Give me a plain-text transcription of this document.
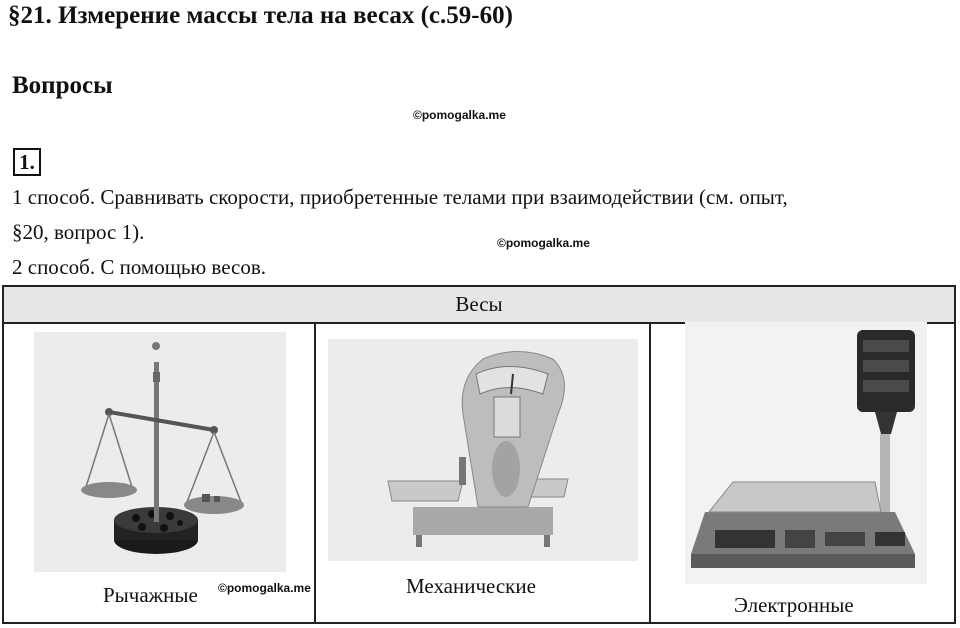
§21. Измерение массы тела на весах (с.59-60)
Вопросы
©pomogalka.me
1.
1 способ. Сравнивать скорости, приобретенные телами при взаимодействии (см. опыт,
§20, вопрос 1).	©pomogalka.me
2 способ. С помощью весов.
Весы
Рычажные ©pomogalka.me	Механические
Электронные
